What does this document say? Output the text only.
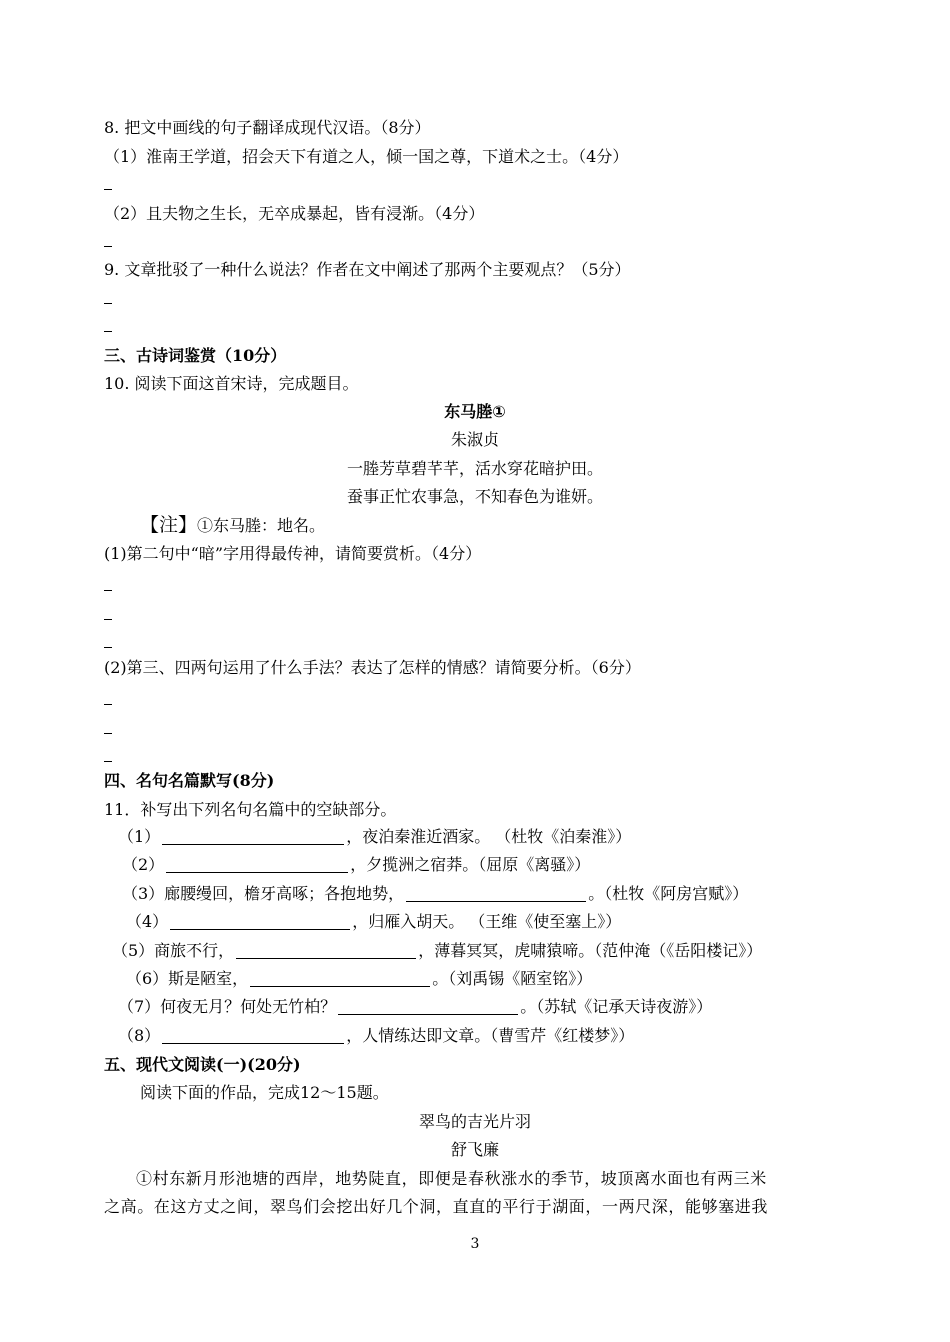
8. 把文中画线的句子翻译成现代汉语。（8分）
（1）淮南王学道，招会天下有道之人，倾一国之尊，下道术之士。（4分）
（2）且夫物之生长，无卒成暴起，皆有浸渐。（4分）
9. 文章批驳了一种什么说法？作者在文中阐述了那两个主要观点？（5分）
三、古诗词鉴赏（10分）
10. 阅读下面这首宋诗，完成题目。
东马塍①
朱淑贞
一塍芳草碧芊芊，活水穿花暗护田。
蚕事正忙农事急，不知春色为谁妍。
【注】①东马塍：地名。
(1)第二句中“暗”字用得最传神，请简要赏析。（4分）
(2)第三、四两句运用了什么手法？表达了怎样的情感？请简要分析。（6分）
四、名句名篇默写(8分)
11．补写出下列名句名篇中的空缺部分。
（1）	，夜泊秦淮近酒家。 （杜牧《泊秦淮》）
（2）	，夕揽洲之宿莽。（屈原《离骚》）
（3）廊腰缦回，檐牙高啄；各抱地势，	。（杜牧《阿房宫赋》）
（4）	，归雁入胡天。 （王维《使至塞上》）
（5）商旅不行，	，薄暮冥冥，虎啸猿啼。（范仲淹（《岳阳楼记》）
（6）斯是陋室，	。（刘禹锡《陋室铭》）
（7）何夜无月？何处无竹柏？	。（苏轼《记承天诗夜游》）
（8）	，人情练达即文章。（曹雪芹《红楼梦》）
五、现代文阅读(一)(20分)
阅读下面的作品，完成12～15题。
翠鸟的吉光片羽
舒飞廉
①村东新月形池塘的西岸，地势陡直，即便是春秋涨水的季节，坡顶离水面也有两三米
之高。在这方丈之间，翠鸟们会挖出好几个洞，直直的平行于湖面，一两尺深，能够塞进我
3
